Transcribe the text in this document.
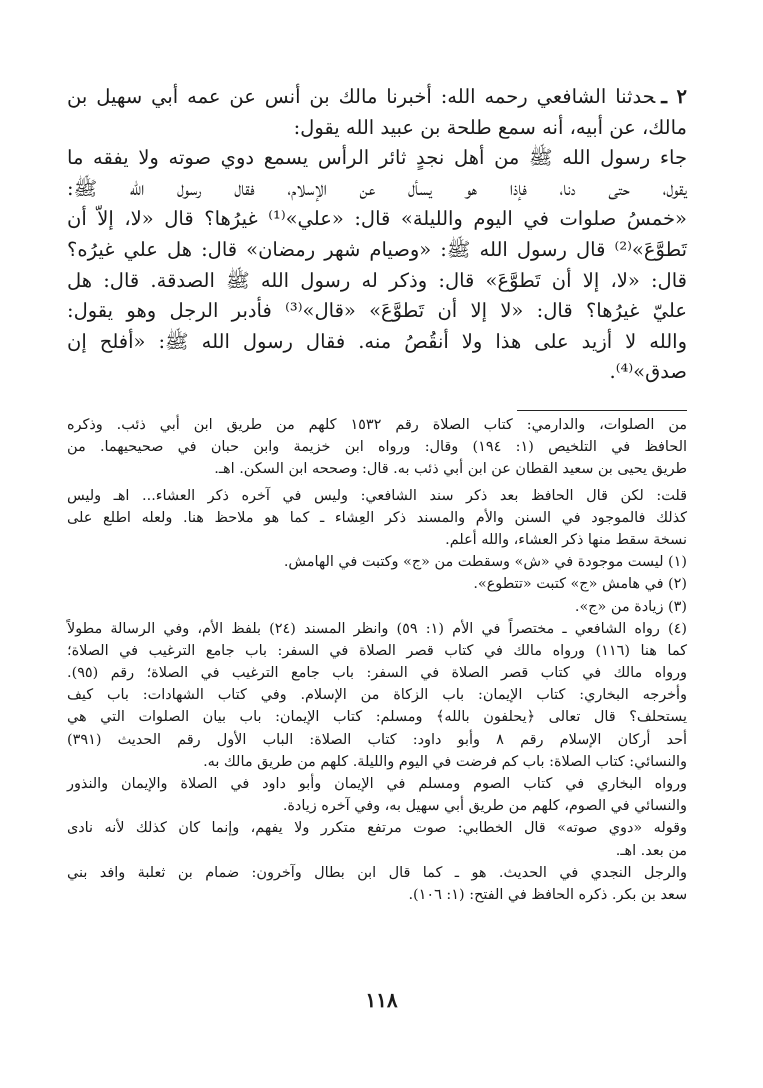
٢ ـحدثنا الشافعي رحمه الله: أخبرنا مالك بن أنس عن عمه أبي سهيل بن
مالك، عن أبيه، أنه سمع طلحة بن عبيد الله يقول:
جاء رسول الله ﷺ من أهل نجدٍ ثائر الرأس يسمع دوي صوته ولا يفقه ما
يقول، حتى دنا، فإذا هو يسأل عن الإسلام، فقال رسول الله ﷺ:
«خمسُ صلوات في اليوم والليلة» قال: «علي»⁽¹⁾ غيرُها؟ قال «لا، إلاّ أن
تَطوَّعَ»⁽²⁾ قال رسول الله ﷺ: «وصيام شهر رمضان» قال: هل علي غيرُه؟
قال: «لا، إلا أن تَطوَّعَ» قال: وذكر له رسول الله ﷺ الصدقة. قال: هل
عليّ غيرُها؟ قال: «لا إلا أن تَطوَّعَ» «قال»⁽³⁾ فأدبر الرجل وهو يقول:
والله لا أزيد على هذا ولا أنقُصُ منه. فقال رسول الله ﷺ: «أفلح إن
صدق»⁽⁴⁾.
من الصلوات، والدارمي: كتاب الصلاة رقم ١٥٣٢ كلهم من طريق ابن أبي ذئب. وذكره
الحافظ في التلخيص (١: ١٩٤) وقال: ورواه ابن خزيمة وابن حبان في صحيحيهما. من
طريق يحيى بن سعيد القطان عن ابن أبي ذئب به. قال: وصححه ابن السكن. اهـ.
قلت: لكن قال الحافظ بعد ذكر سند الشافعي: وليس في آخره ذكر العشاء... اهـ وليس
كذلك فالموجود في السنن والأم والمسند ذكر العِشاء ـ كما هو ملاحظ هنا. ولعله اطلع على
نسخة سقط منها ذكر العشاء، والله أعلم.
(١) ليست موجودة في «ش» وسقطت من «ج» وكتبت في الهامش.
(٢) في هامش «ج» كتبت «تتطوع».
(٣) زيادة من «ج».
(٤) رواه الشافعي ـ مختصراً في الأم (١: ٥٩) وانظر المسند (٢٤) بلفظ الأم، وفي الرسالة مطولاً
كما هنا (١١٦) ورواه مالك في كتاب قصر الصلاة في السفر: باب جامع الترغيب في الصلاة؛
ورواه مالك في كتاب قصر الصلاة في السفر: باب جامع الترغيب في الصلاة؛ رقم (٩٥).
وأخرجه البخاري: كتاب الإيمان: باب الزكاة من الإسلام. وفي كتاب الشهادات: باب كيف
يستحلف؟ قال تعالى ﴿يحلفون بالله﴾ ومسلم: كتاب الإيمان: باب بيان الصلوات التي هي
أحد أركان الإسلام رقم ٨ وأبو داود: كتاب الصلاة: الباب الأول رقم الحديث (٣٩١)
والنسائي: كتاب الصلاة: باب كم فرضت في اليوم والليلة. كلهم من طريق مالك به.
ورواه البخاري في كتاب الصوم ومسلم في الإيمان وأبو داود في الصلاة والإيمان والنذور
والنسائي في الصوم، كلهم من طريق أبي سهيل به، وفي آخره زيادة.
وقوله «دوي صوته» قال الخطابي: صوت مرتفع متكرر ولا يفهم، وإنما كان كذلك لأنه نادى
من بعد. اهـ.
والرجل النجدي في الحديث. هو ـ كما قال ابن بطال وآخرون: ضمام بن ثعلبة وافد بني
سعد بن بكر. ذكره الحافظ في الفتح: (١: ١٠٦).
١١٨
